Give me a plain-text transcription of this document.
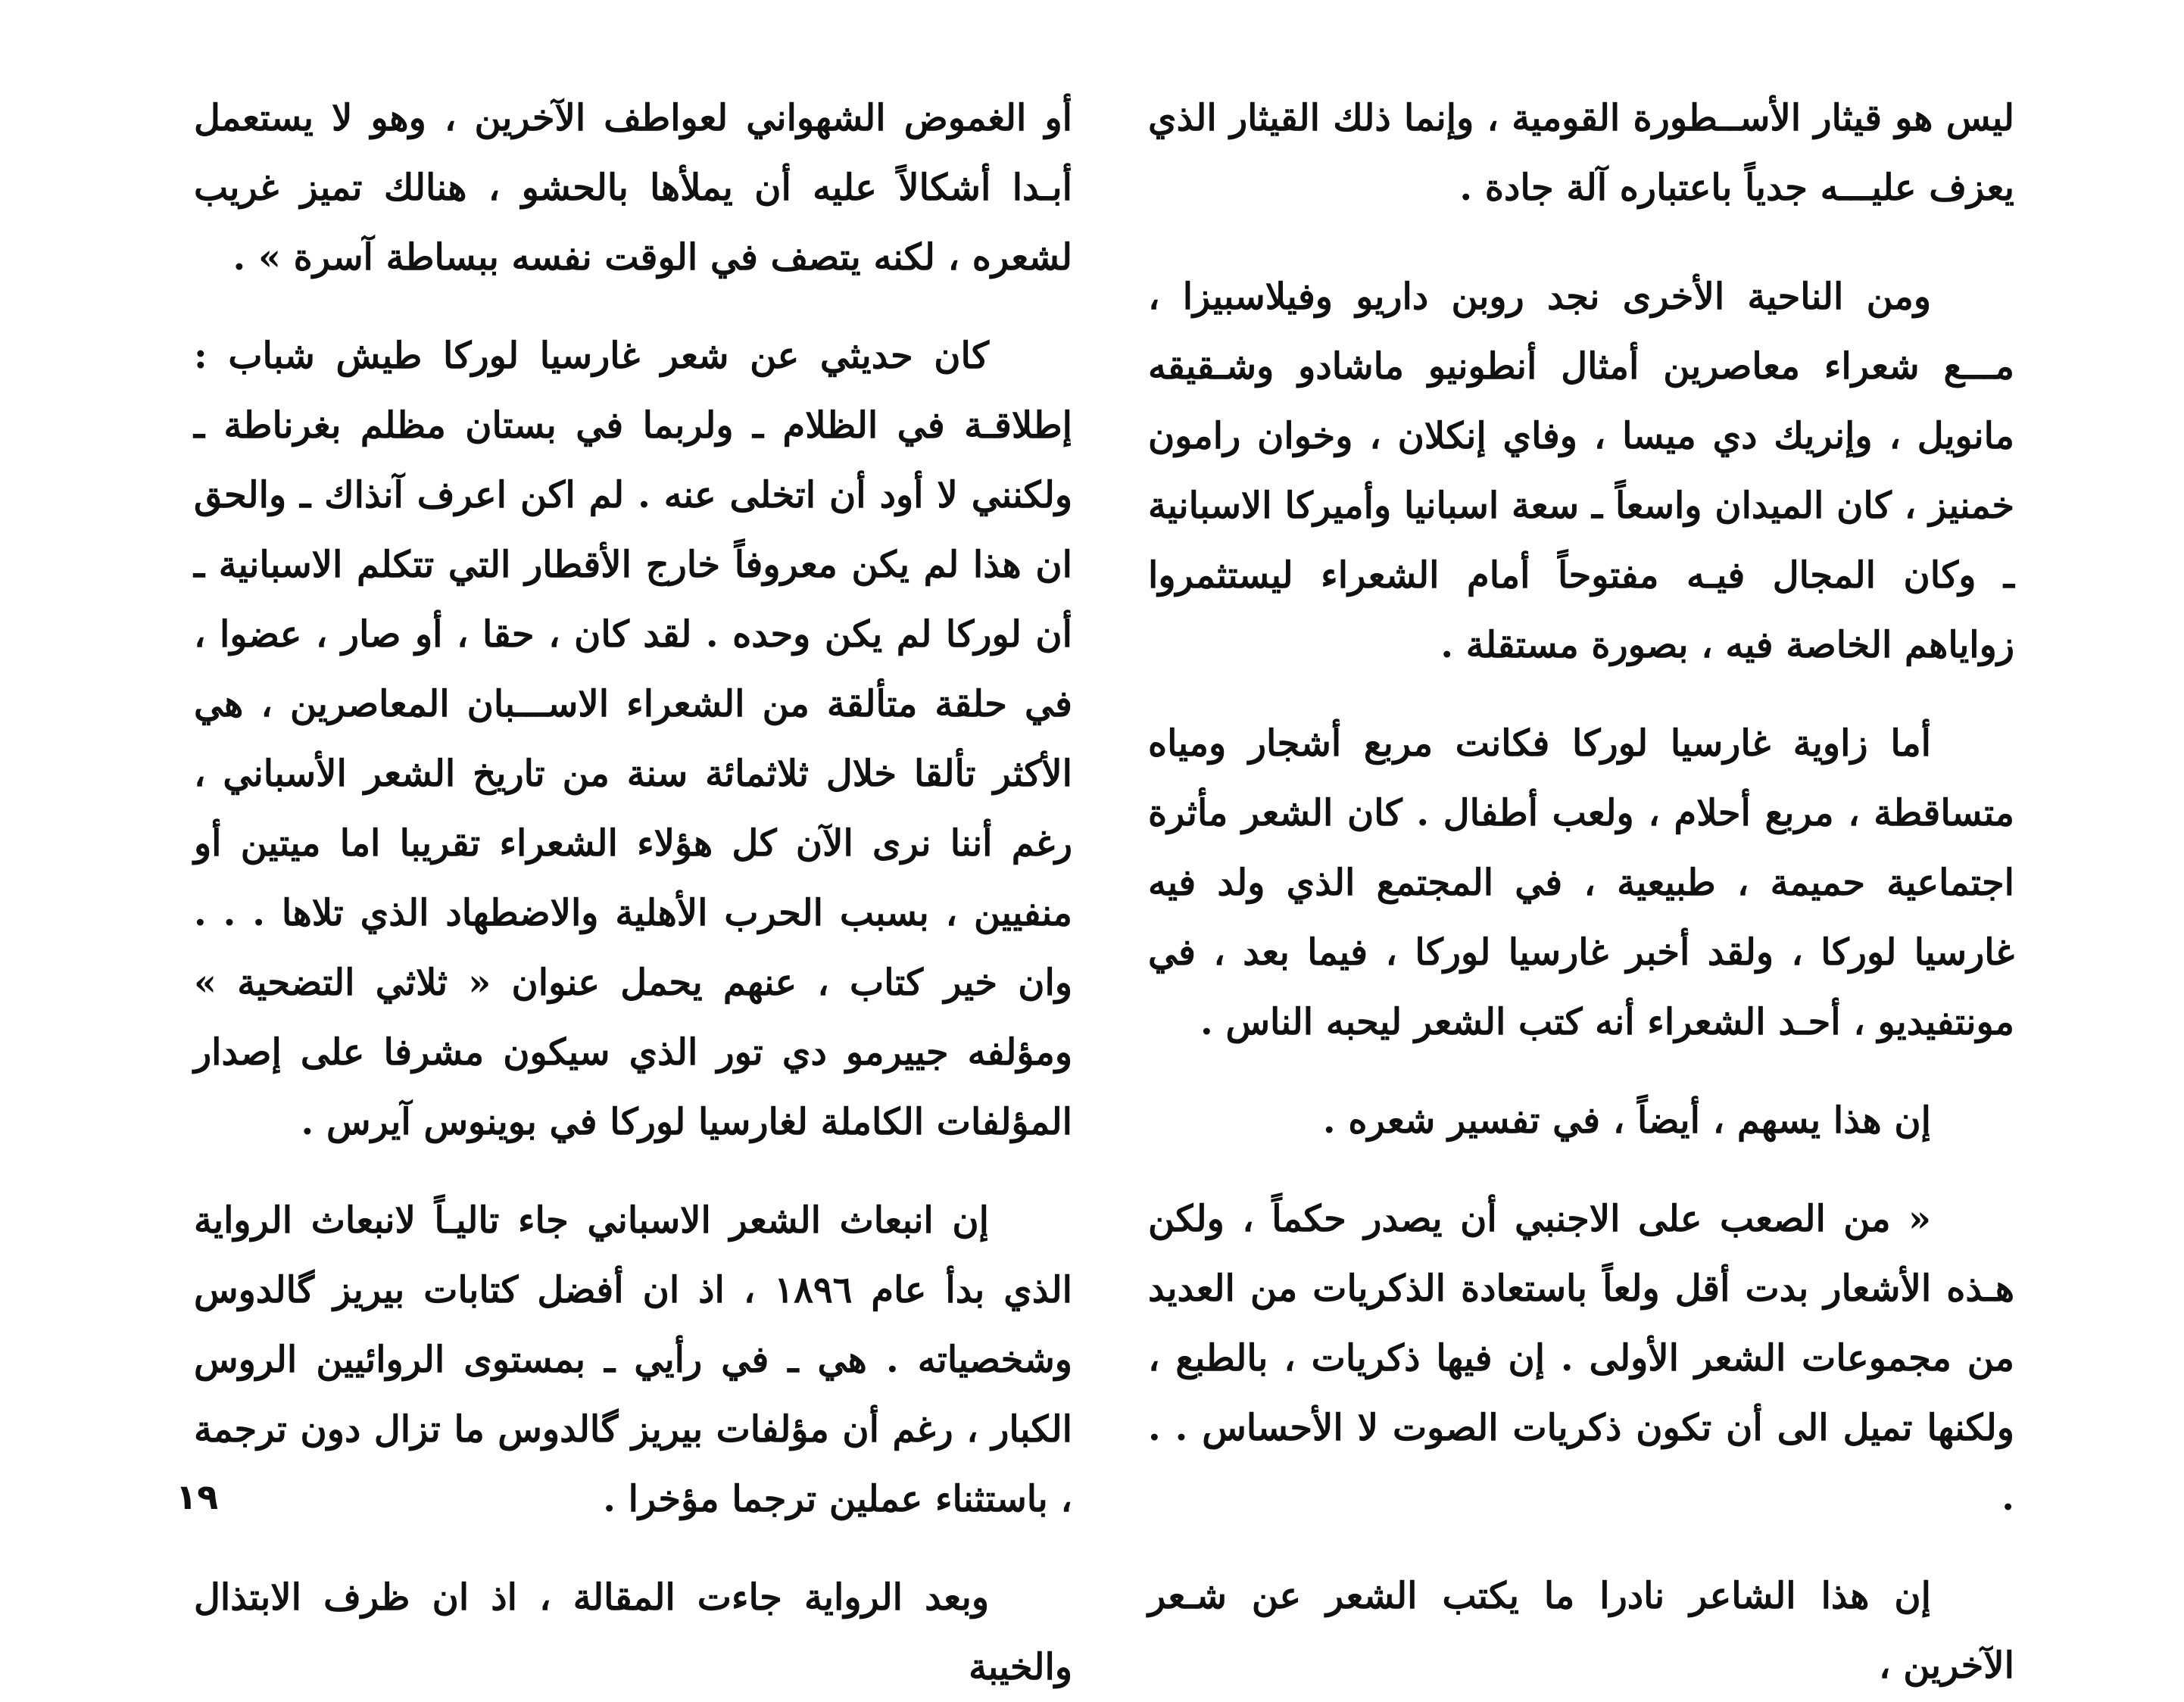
ليس هو قيثار الأســطورة القومية ، وإنما ذلك القيثار الذي يعزف عليـــه جدياً باعتباره آلة جادة .

ومن الناحية الأخرى نجد روبن داريو وفيلاسبيزا ، مـــع شعراء معاصرين أمثال أنطونيو ماشادو وشـقيقه مانويل ، وإنريك دي ميسا ، وفاي إنكلان ، وخوان رامون خمنيز ، كان الميدان واسعاً ـ سعة اسبانيا وأميركا الاسبانية ـ وكان المجال فيـه مفتوحاً أمام الشعراء ليستثمروا زواياهم الخاصة فيه ، بصورة مستقلة .

أما زاوية غارسيا لوركا فكانت مربع أشجار ومياه متساقطة ، مربع أحلام ، ولعب أطفال . كان الشعر مأثرة اجتماعية حميمة ، طبيعية ، في المجتمع الذي ولد فيه غارسيا لوركا ، ولقد أخبر غارسيا لوركا ، فيما بعد ، في مونتفيديو ، أحـد الشعراء أنه كتب الشعر ليحبه الناس .

إن هذا يسهم ، أيضاً ، في تفسير شعره .

« من الصعب على الاجنبي أن يصدر حكماً ، ولكن هـذه الأشعار بدت أقل ولعاً باستعادة الذكريات من العديد من مجموعات الشعر الأولى . إن فيها ذكريات ، بالطبع ، ولكنها تميل الى أن تكون ذكريات الصوت لا الأحساس . . .

إن هذا الشاعر نادرا ما يكتب الشعر عن شـعر الآخرين ،

أو الغموض الشهواني لعواطف الآخرين ، وهو لا يستعمل أبـدا أشكالاً عليه أن يملأها بالحشو ، هنالك تميز غريب لشعره ، لكنه يتصف في الوقت نفسه ببساطة آسرة » .

كان حديثي عن شعر غارسيا لوركا طيش شباب : إطلاقـة في الظلام ـ ولربما في بستان مظلم بغرناطة ـ ولكنني لا أود أن اتخلى عنه . لم اكن اعرف آنذاك ـ والحق ان هذا لم يكن معروفاً خارج الأقطار التي تتكلم الاسبانية ـ أن لوركا لم يكن وحده . لقد كان ، حقا ، أو صار ، عضوا ، في حلقة متألقة من الشعراء الاســـبان المعاصرين ، هي الأكثر تألقا خلال ثلاثمائة سنة من تاريخ الشعر الأسباني ، رغم أننا نرى الآن كل هؤلاء الشعراء تقريبا اما ميتين أو منفيين ، بسبب الحرب الأهلية والاضطهاد الذي تلاها . . . وان خير كتاب ، عنهم يحمل عنوان « ثلاثي التضحية » ومؤلفه جييرمو دي تور الذي سيكون مشرفا على إصدار المؤلفات الكاملة لغارسيا لوركا في بوينوس آيرس .

إن انبعاث الشعر الاسباني جاء تاليـاً لانبعاث الرواية الذي بدأ عام ١٨٩٦ ، اذ ان أفضل كتابات بيريز گالدوس وشخصياته . هي ـ في رأيي ـ بمستوى الروائيين الروس الكبار ، رغم أن مؤلفات بيريز گالدوس ما تزال دون ترجمة ، باستثناء عملين ترجما مؤخرا .

وبعد الرواية جاءت المقالة ، اذ ان ظرف الابتذال والخيبة

١٩
